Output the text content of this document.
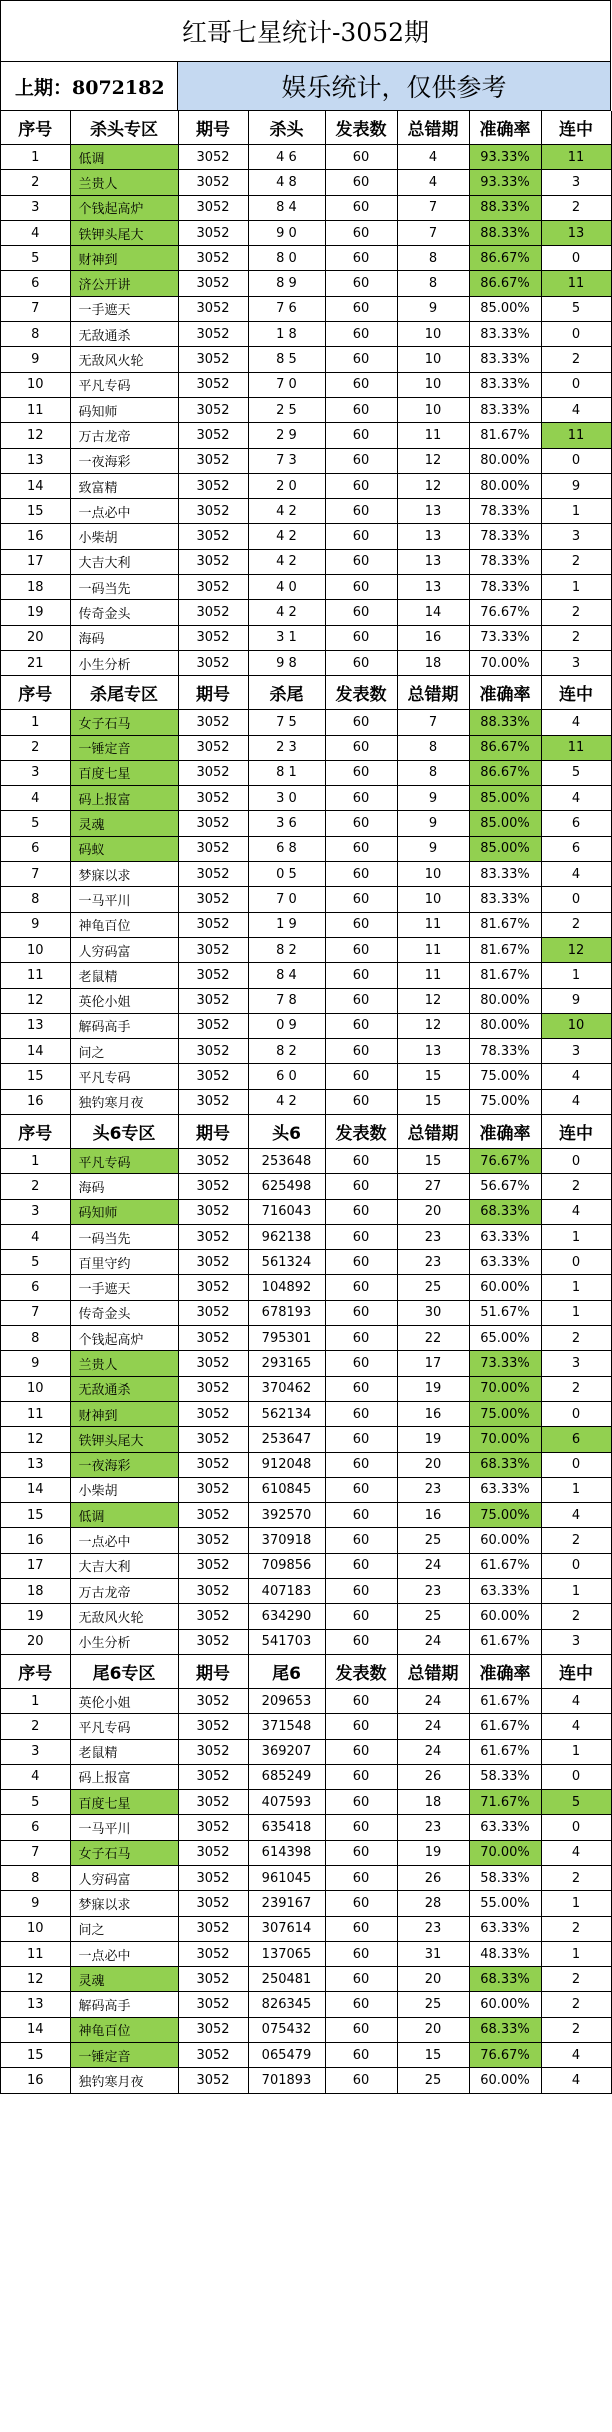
红哥七星统计-3052期
上期：8072182	娱乐统计，仅供参考
序号	杀头专区	期号	杀头	发表数	总错期	准确率	连中
1	低调	3052	4 6	60	4	93.33%	11
2	兰贵人	3052	4 8	60	4	93.33%	3
3	个钱起高炉	3052	8 4	60	7	88.33%	2
4	铁钾头尾大	3052	9 0	60	7	88.33%	13
5	财神到	3052	8 0	60	8	86.67%	0
6	济公开讲	3052	8 9	60	8	86.67%	11
7	一手遮天	3052	7 6	60	9	85.00%	5
8	无敌通杀	3052	1 8	60	10	83.33%	0
9	无敌风火轮	3052	8 5	60	10	83.33%	2
10	平凡专码	3052	7 0	60	10	83.33%	0
11	码知师	3052	2 5	60	10	83.33%	4
12	万古龙帝	3052	2 9	60	11	81.67%	11
13	一夜海彩	3052	7 3	60	12	80.00%	0
14	致富精	3052	2 0	60	12	80.00%	9
15	一点必中	3052	4 2	60	13	78.33%	1
16	小柴胡	3052	4 2	60	13	78.33%	3
17	大吉大利	3052	4 2	60	13	78.33%	2
18	一码当先	3052	4 0	60	13	78.33%	1
19	传奇金头	3052	4 2	60	14	76.67%	2
20	海码	3052	3 1	60	16	73.33%	2
21	小生分析	3052	9 8	60	18	70.00%	3
序号	杀尾专区	期号	杀尾	发表数	总错期	准确率	连中
1	女子石马	3052	7 5	60	7	88.33%	4
2	一锤定音	3052	2 3	60	8	86.67%	11
3	百度七星	3052	8 1	60	8	86.67%	5
4	码上报富	3052	3 0	60	9	85.00%	4
5	灵魂	3052	3 6	60	9	85.00%	6
6	码蚁	3052	6 8	60	9	85.00%	6
7	梦寐以求	3052	0 5	60	10	83.33%	4
8	一马平川	3052	7 0	60	10	83.33%	0
9	神龟百位	3052	1 9	60	11	81.67%	2
10	人穷码富	3052	8 2	60	11	81.67%	12
11	老鼠精	3052	8 4	60	11	81.67%	1
12	英伦小姐	3052	7 8	60	12	80.00%	9
13	解码高手	3052	0 9	60	12	80.00%	10
14	问之	3052	8 2	60	13	78.33%	3
15	平凡专码	3052	6 0	60	15	75.00%	4
16	独钓寒月夜	3052	4 2	60	15	75.00%	4
序号	头6专区	期号	头6	发表数	总错期	准确率	连中
1	平凡专码	3052	253648	60	15	76.67%	0
2	海码	3052	625498	60	27	56.67%	2
3	码知师	3052	716043	60	20	68.33%	4
4	一码当先	3052	962138	60	23	63.33%	1
5	百里守约	3052	561324	60	23	63.33%	0
6	一手遮天	3052	104892	60	25	60.00%	1
7	传奇金头	3052	678193	60	30	51.67%	1
8	个钱起高炉	3052	795301	60	22	65.00%	2
9	兰贵人	3052	293165	60	17	73.33%	3
10	无敌通杀	3052	370462	60	19	70.00%	2
11	财神到	3052	562134	60	16	75.00%	0
12	铁钾头尾大	3052	253647	60	19	70.00%	6
13	一夜海彩	3052	912048	60	20	68.33%	0
14	小柴胡	3052	610845	60	23	63.33%	1
15	低调	3052	392570	60	16	75.00%	4
16	一点必中	3052	370918	60	25	60.00%	2
17	大吉大利	3052	709856	60	24	61.67%	0
18	万古龙帝	3052	407183	60	23	63.33%	1
19	无敌风火轮	3052	634290	60	25	60.00%	2
20	小生分析	3052	541703	60	24	61.67%	3
序号	尾6专区	期号	尾6	发表数	总错期	准确率	连中
1	英伦小姐	3052	209653	60	24	61.67%	4
2	平凡专码	3052	371548	60	24	61.67%	4
3	老鼠精	3052	369207	60	24	61.67%	1
4	码上报富	3052	685249	60	26	58.33%	0
5	百度七星	3052	407593	60	18	71.67%	5
6	一马平川	3052	635418	60	23	63.33%	0
7	女子石马	3052	614398	60	19	70.00%	4
8	人穷码富	3052	961045	60	26	58.33%	2
9	梦寐以求	3052	239167	60	28	55.00%	1
10	问之	3052	307614	60	23	63.33%	2
11	一点必中	3052	137065	60	31	48.33%	1
12	灵魂	3052	250481	60	20	68.33%	2
13	解码高手	3052	826345	60	25	60.00%	2
14	神龟百位	3052	075432	60	20	68.33%	2
15	一锤定音	3052	065479	60	15	76.67%	4
16	独钓寒月夜	3052	701893	60	25	60.00%	4
